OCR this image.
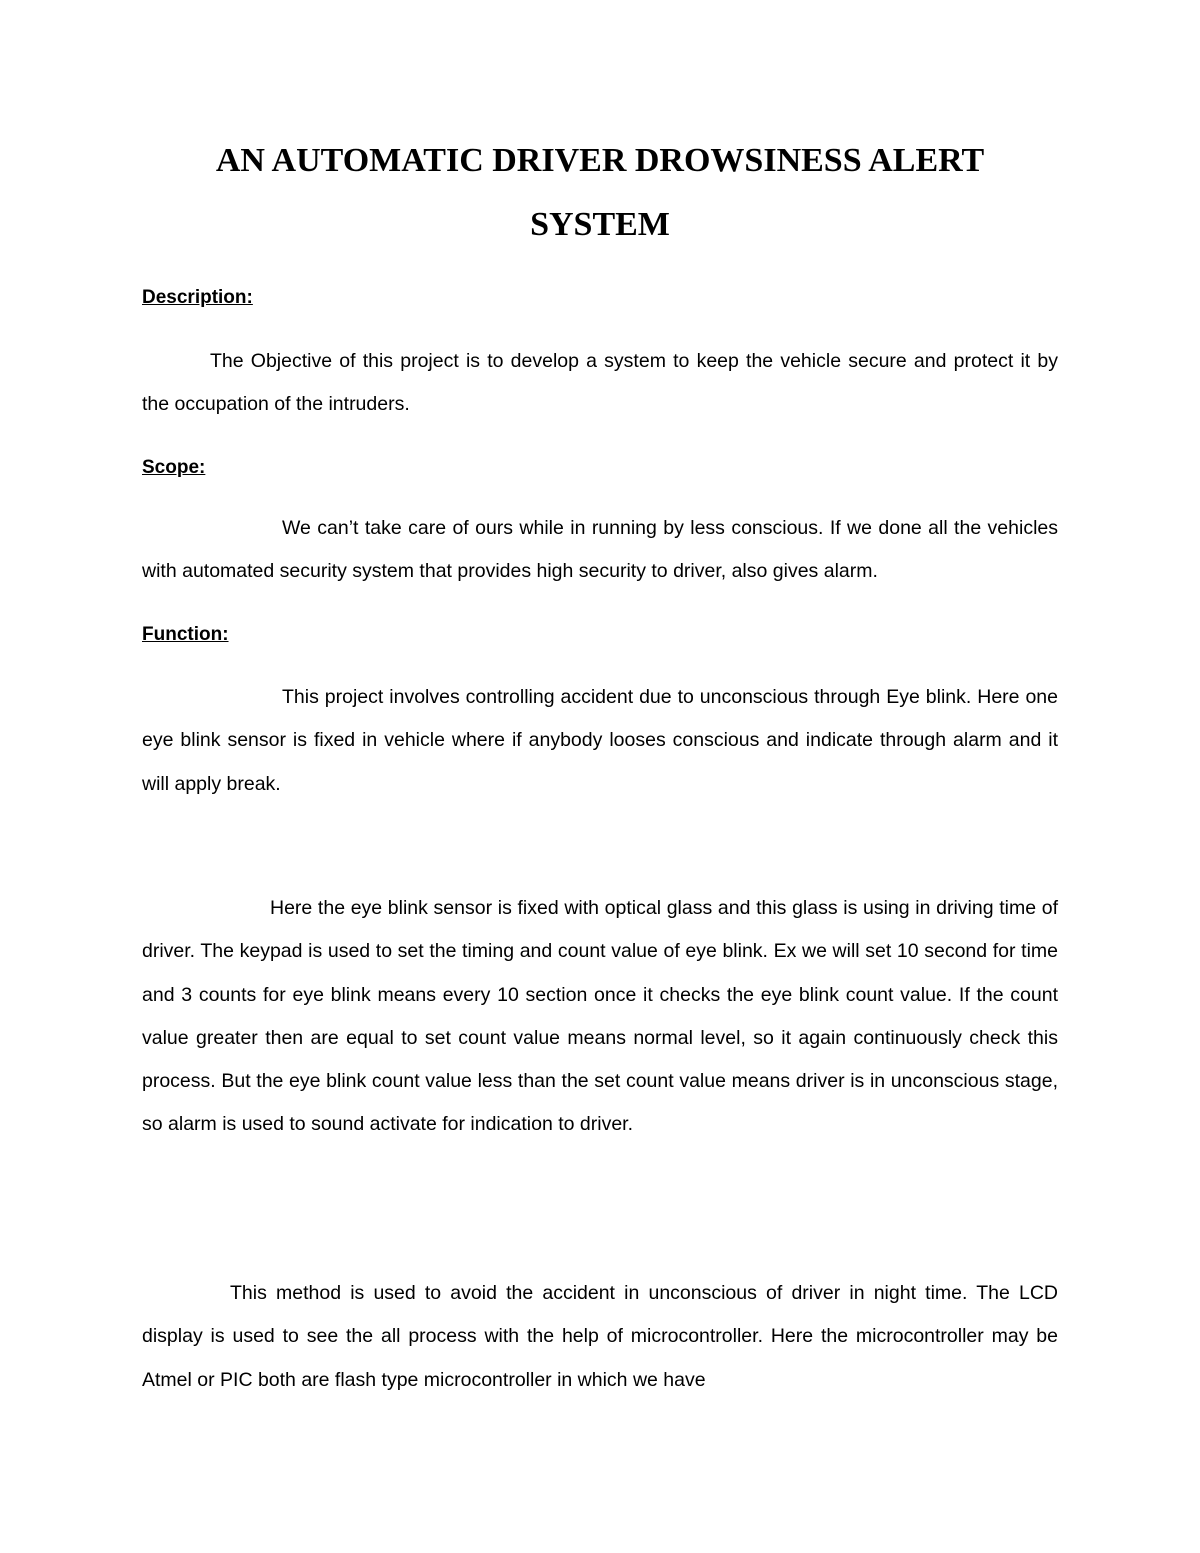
AN AUTOMATIC DRIVER DROWSINESS ALERT
SYSTEM
Description:

The Objective of this project is to develop a system to keep the vehicle secure and protect it by the occupation of the intruders.

Scope:

We can’t take care of ours while in running by less conscious. If we done all the vehicles with automated security system that provides high security to driver, also gives alarm.

Function:

This project involves controlling accident due to unconscious through Eye blink. Here one eye blink sensor is fixed in vehicle where if anybody looses conscious and indicate through alarm and it will apply break.

Here the eye blink sensor is fixed with optical glass and this glass is using in driving time of driver. The keypad is used to set the timing and count value of eye blink. Ex we will set 10 second for time and 3 counts for eye blink means every 10 section once it checks the eye blink count value. If the count value greater then are equal to set count value means normal level, so it again continuously check this process. But the eye blink count value less than the set count value means driver is in unconscious stage, so alarm is used to sound activate for indication to driver.

This method is used to avoid the accident in unconscious of driver in night time. The LCD display is used to see the all process with the help of microcontroller. Here the microcontroller may be Atmel or PIC both are flash type microcontroller in which we have
